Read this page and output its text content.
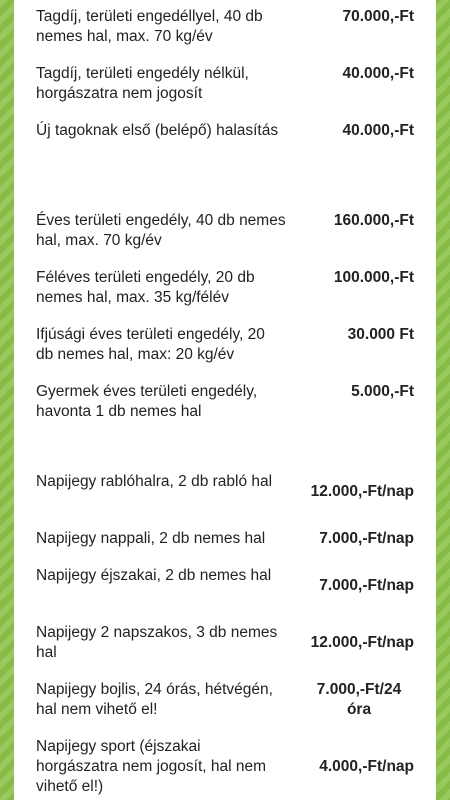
Tagdíj, területi engedéllyel, 40 db nemes hal, max. 70 kg/év
70.000,-Ft
Tagdíj, területi engedély nélkül, horgászatra nem jogosít
40.000,-Ft
Új tagoknak első (belépő) halasítás	40.000,-Ft
Éves területi engedély, 40 db nemes hal, max. 70 kg/év
160.000,-Ft
Féléves területi engedély, 20 db nemes hal, max. 35 kg/félév
100.000,-Ft
Ifjúsági éves területi engedély, 20 db nemes hal, max: 20 kg/év
30.000 Ft
Gyermek éves területi engedély, havonta 1 db nemes hal
5.000,-Ft
Napijegy rablóhalra, 2 db rabló hal
12.000,-Ft/nap
Napijegy nappali, 2 db nemes hal	7.000,-Ft/nap
Napijegy éjszakai, 2 db nemes hal
7.000,-Ft/nap
Napijegy 2 napszakos, 3 db nemes hal
12.000,-Ft/nap
Napijegy bojlis, 24 órás, hétvégén, hal nem vihető el!
7.000,-Ft/24 óra
Napijegy sport (éjszakai horgászatra nem jogosít, hal nem vihető el!)
4.000,-Ft/nap
